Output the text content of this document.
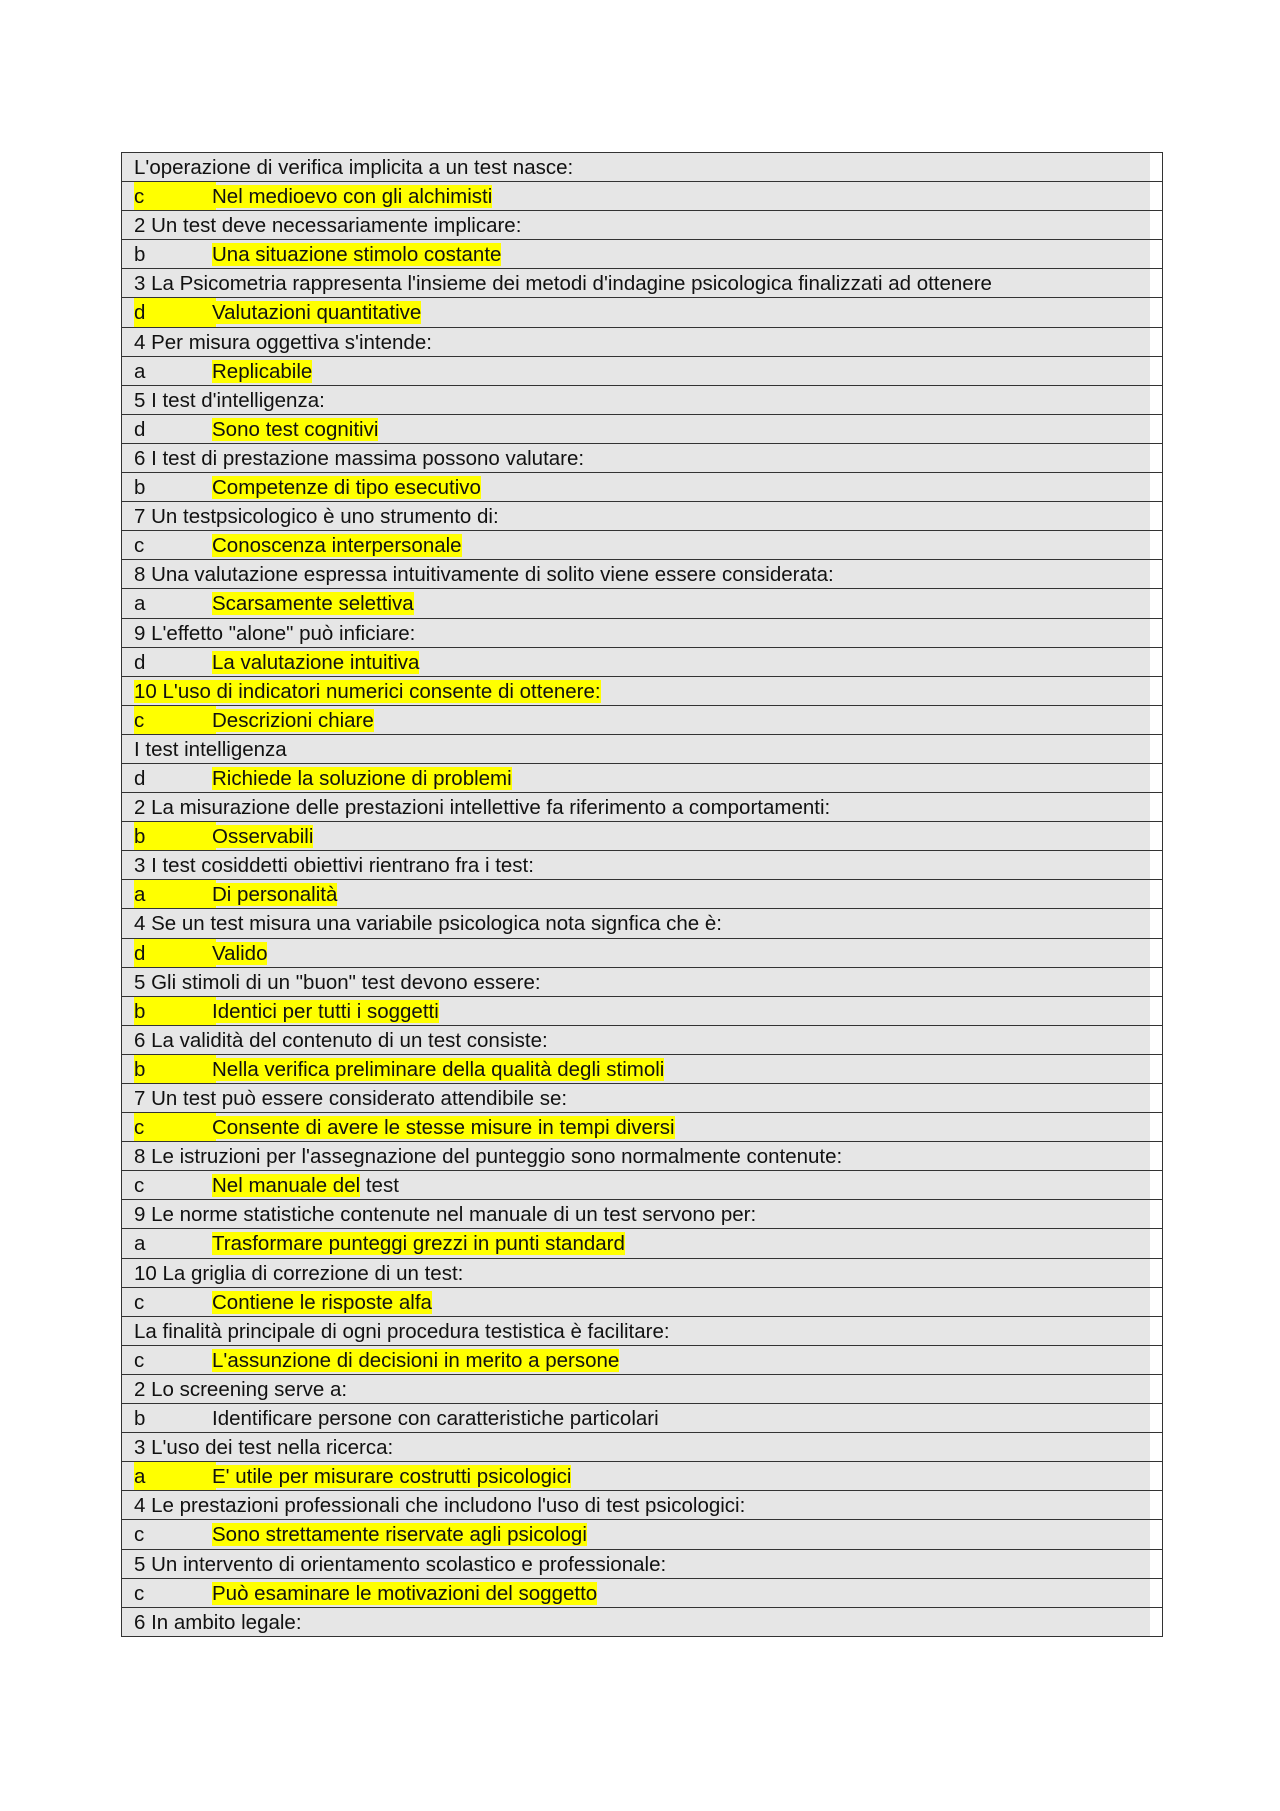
L'operazione di verifica implicita a un test nasce:
c	Nel medioevo con gli alchimisti
2 Un test deve necessariamente implicare:
b	Una situazione stimolo costante
3 La Psicometria rappresenta l'insieme dei metodi d'indagine psicologica finalizzati ad ottenere
d	Valutazioni quantitative
4 Per misura oggettiva s'intende:
a	Replicabile
5 I test d'intelligenza:
d	Sono test cognitivi
6 I test di prestazione massima possono valutare:
b	Competenze di tipo esecutivo
7 Un testpsicologico è uno strumento di:
c	Conoscenza interpersonale
8 Una valutazione espressa intuitivamente di solito viene essere considerata:
a	Scarsamente selettiva
9 L'effetto "alone" può inficiare:
d	La valutazione intuitiva
10 L'uso di indicatori numerici consente di ottenere:
c	Descrizioni chiare
I test intelligenza
d	Richiede la soluzione di problemi
2 La misurazione delle prestazioni intellettive fa riferimento a comportamenti:
b	Osservabili
3 I test cosiddetti obiettivi rientrano fra i test:
a	Di personalità
4 Se un test misura una variabile psicologica nota signfica che è:
d	Valido
5 Gli stimoli di un "buon" test devono essere:
b	Identici per tutti i soggetti
6 La validità del contenuto di un test consiste:
b	Nella verifica preliminare della qualità degli stimoli
7 Un test può essere considerato attendibile se:
c	Consente di avere le stesse misure in tempi diversi
8 Le istruzioni per l'assegnazione del punteggio sono normalmente contenute:
c	Nel manuale del test
9 Le norme statistiche contenute nel manuale di un test servono per:
a	Trasformare punteggi grezzi in punti standard
10 La griglia di correzione di un test:
c	Contiene le risposte alfa
La finalità principale di ogni procedura testistica è facilitare:
c	L'assunzione di decisioni in merito a persone
2 Lo screening serve a:
b	Identificare persone con caratteristiche particolari
3 L'uso dei test nella ricerca:
a	E' utile per misurare costrutti psicologici
4 Le prestazioni professionali che includono l'uso di test psicologici:
c	Sono strettamente riservate agli psicologi
5 Un intervento di orientamento scolastico e professionale:
c	Può esaminare le motivazioni del soggetto
6 In ambito legale:
